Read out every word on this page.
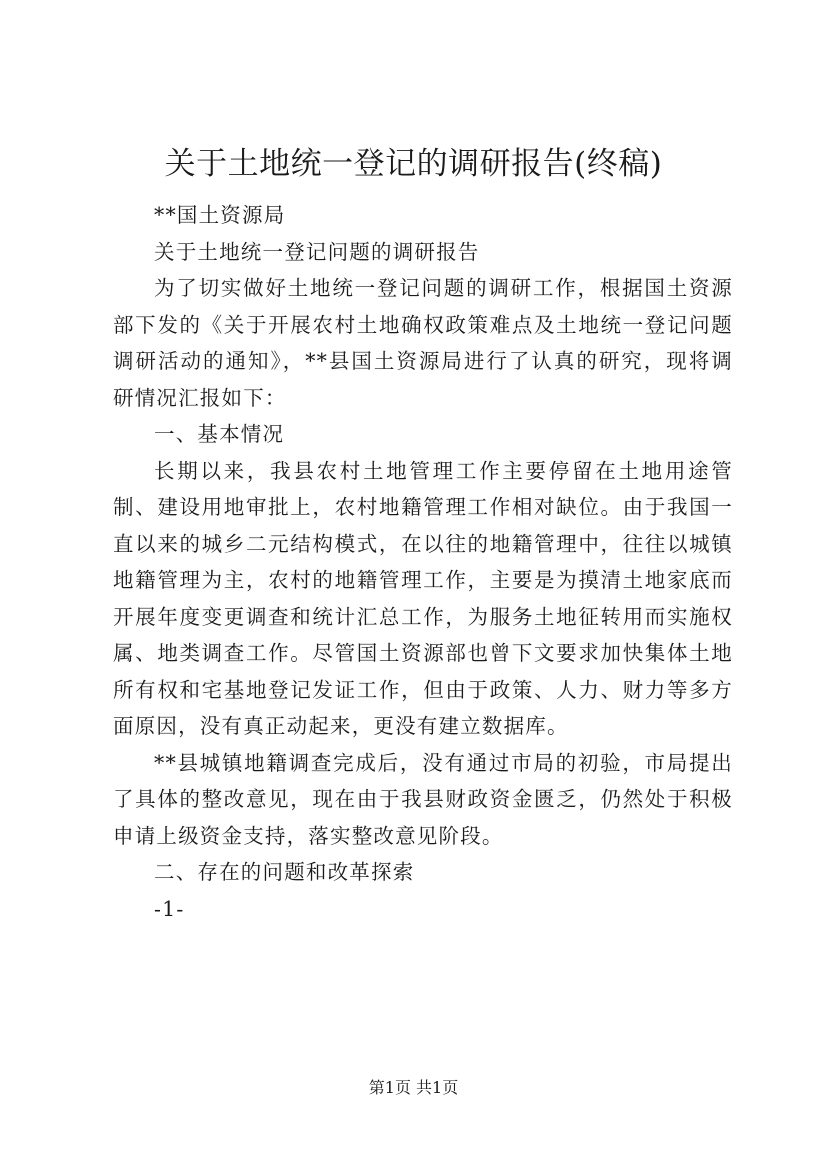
关于土地统一登记的调研报告(终稿)

**国土资源局

关于土地统一登记问题的调研报告

为了切实做好土地统一登记问题的调研工作，根据国土资源部下发的《关于开展农村土地确权政策难点及土地统一登记问题调研活动的通知》，**县国土资源局进行了认真的研究，现将调研情况汇报如下：

一、基本情况

长期以来，我县农村土地管理工作主要停留在土地用途管制、建设用地审批上，农村地籍管理工作相对缺位。由于我国一直以来的城乡二元结构模式，在以往的地籍管理中，往往以城镇地籍管理为主，农村的地籍管理工作，主要是为摸清土地家底而开展年度变更调查和统计汇总工作，为服务土地征转用而实施权属、地类调查工作。尽管国土资源部也曾下文要求加快集体土地所有权和宅基地登记发证工作，但由于政策、人力、财力等多方面原因，没有真正动起来，更没有建立数据库。

**县城镇地籍调查完成后，没有通过市局的初验，市局提出了具体的整改意见，现在由于我县财政资金匮乏，仍然处于积极申请上级资金支持，落实整改意见阶段。

二、存在的问题和改革探索

-1-

第1页 共1页
